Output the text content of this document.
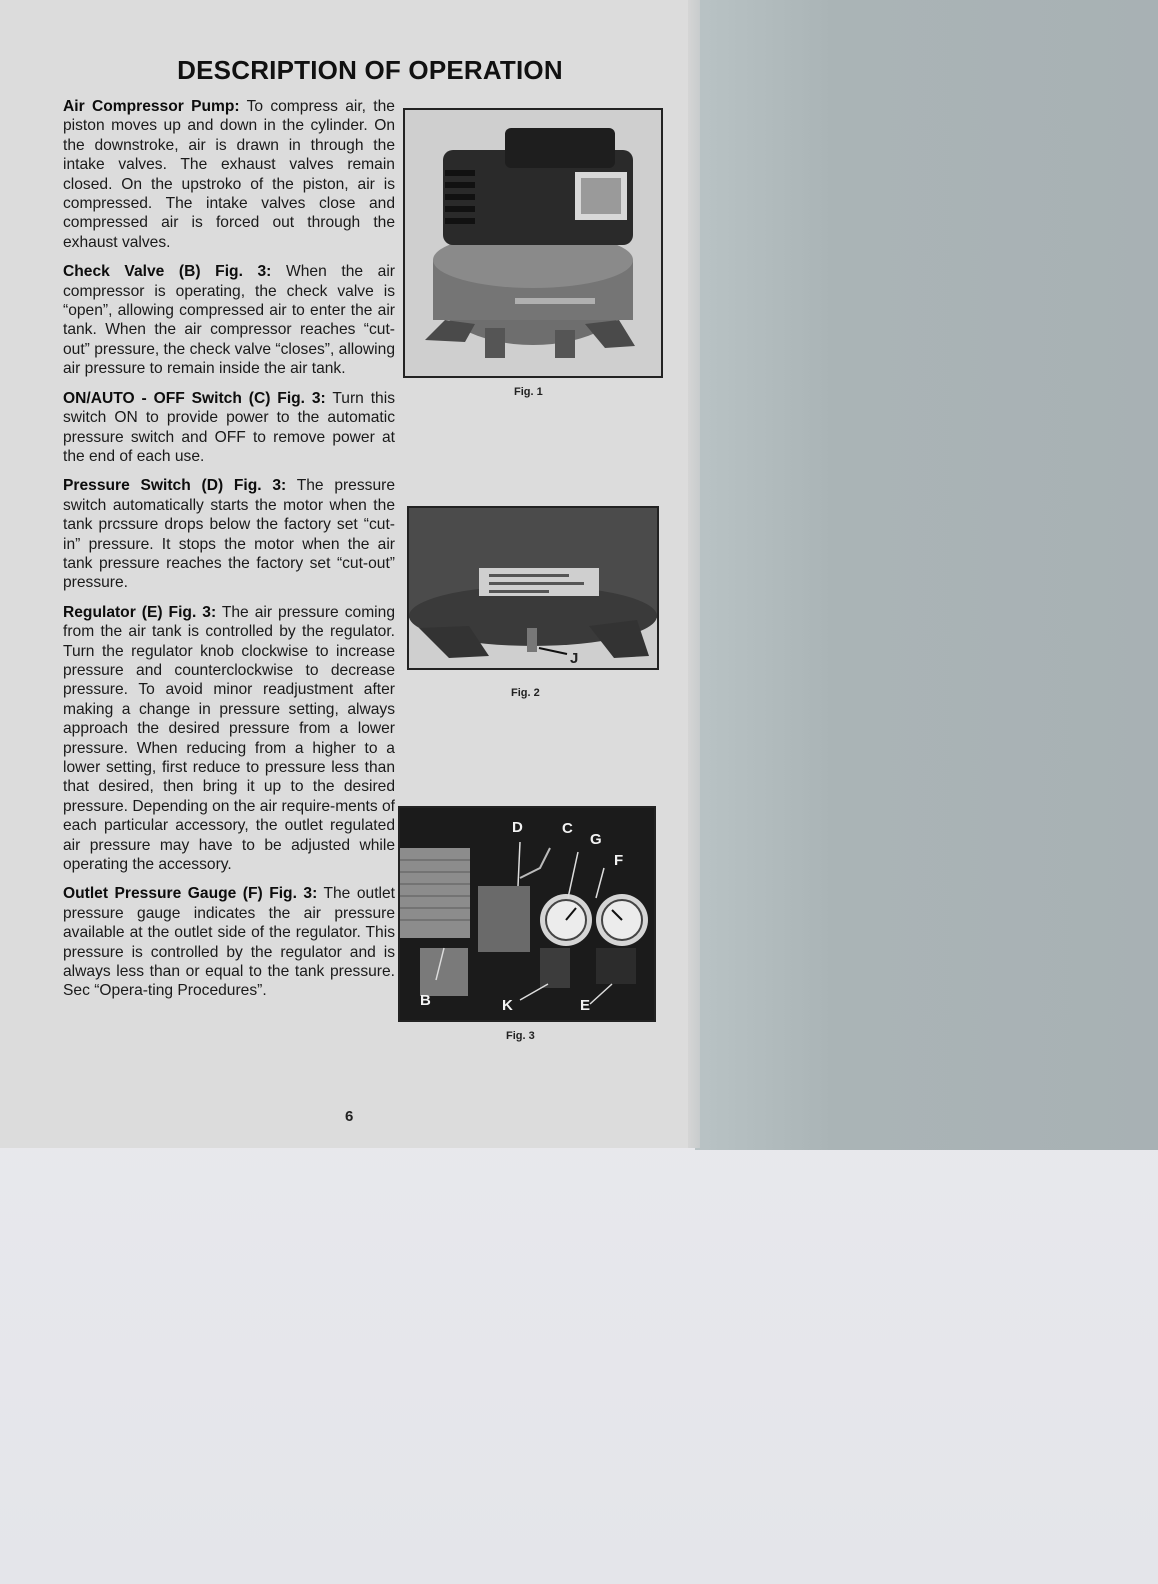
DESCRIPTION OF OPERATION

Air Compressor Pump: To compress air, the piston moves up and down in the cylinder. On the downstroke, air is drawn in through the intake valves. The exhaust valves remain closed. On the upstroko of the piston, air is compressed. The intake valves close and compressed air is forced out through the exhaust valves.

Check Valve (B) Fig. 3: When the air compressor is operating, the check valve is “open”, allowing compressed air to enter the air tank. When the air compressor reaches “cut-out” pressure, the check valve “closes”, allowing air pressure to remain inside the air tank.

ON/AUTO - OFF Switch (C) Fig. 3: Turn this switch ON to provide power to the automatic pressure switch and OFF to remove power at the end of each use.

Pressure Switch (D) Fig. 3: The pressure switch automatically starts the motor when the tank prcssure drops below the factory set “cut-in” pressure. It stops the motor when the air tank pressure reaches the factory set “cut-out” pressure.

Regulator (E) Fig. 3: The air pressure coming from the air tank is controlled by the regulator. Turn the regulator knob clockwise to increase pressure and counterclockwise to decrease pressure. To avoid minor readjustment after making a change in pressure setting, always approach the desired pressure from a lower pressure. When reducing from a higher to a lower setting, first reduce to pressure less than that desired, then bring it up to the desired pressure. Depending on the air require-ments of each particular accessory, the outlet regulated air pressure may have to be adjusted while operating the accessory.

Outlet Pressure Gauge (F) Fig. 3: The outlet pressure gauge indicates the air pressure available at the outlet side of the regulator. This pressure is controlled by the regulator and is always less than or equal to the tank pressure. Sec “Opera-ting Procedures”.

Fig. 1
J
Fig. 2
D	C
G
F
B	K	E
Fig. 3
6
